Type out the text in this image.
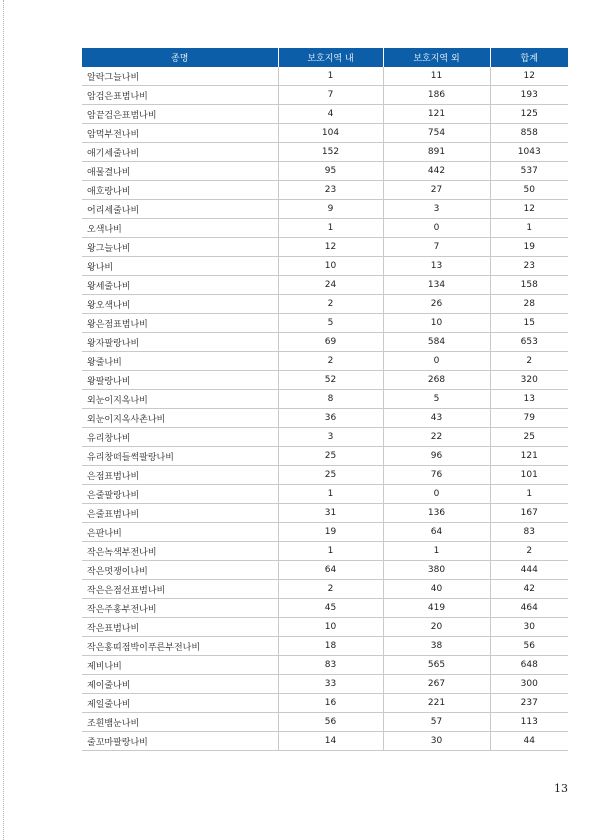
종명	보호지역 내	보호지역 외	합계
알락그늘나비	1	11	12
암검은표범나비	7	186	193
암끝검은표범나비	4	121	125
암먹부전나비	104	754	858
애기세줄나비	152	891	1043
애물결나비	95	442	537
애호랑나비	23	27	50
어리세줄나비	9	3	12
오색나비	1	0	1
왕그늘나비	12	7	19
왕나비	10	13	23
왕세줄나비	24	134	158
왕오색나비	2	26	28
왕은점표범나비	5	10	15
왕자팔랑나비	69	584	653
왕줄나비	2	0	2
왕팔랑나비	52	268	320
외눈이지옥나비	8	5	13
외눈이지옥사촌나비	36	43	79
유리창나비	3	22	25
유리창떠들썩팔랑나비	25	96	121
은점표범나비	25	76	101
은줄팔랑나비	1	0	1
은줄표범나비	31	136	167
은판나비	19	64	83
작은녹색부전나비	1	1	2
작은멋쟁이나비	64	380	444
작은은점선표범나비	2	40	42
작은주홍부전나비	45	419	464
작은표범나비	10	20	30
작은홍띠점박이푸른부전나비	18	38	56
제비나비	83	565	648
제이줄나비	33	267	300
제일줄나비	16	221	237
조흰뱀눈나비	56	57	113
줄꼬마팔랑나비	14	30	44
13
